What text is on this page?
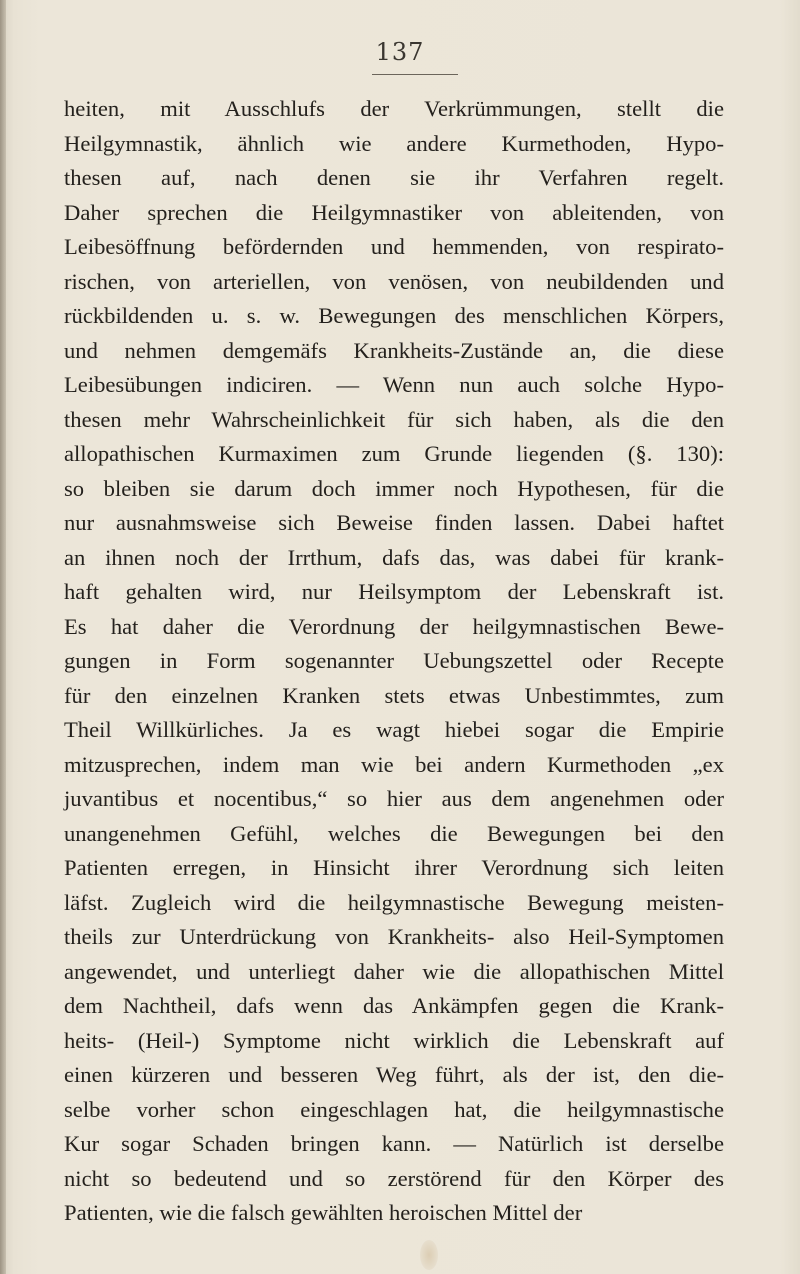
137
heiten, mit Ausschlufs der Verkrümmungen, stellt die
Heilgymnastik, ähnlich wie andere Kurmethoden, Hypo-
thesen auf, nach denen sie ihr Verfahren regelt.
Daher sprechen die Heilgymnastiker von ableitenden, von
Leibesöffnung befördernden und hemmenden, von respirato-
rischen, von arteriellen, von venösen, von neubildenden und
rückbildenden u. s. w. Bewegungen des menschlichen Körpers,
und nehmen demgemäfs Krankheits-Zustände an, die diese
Leibesübungen indiciren. — Wenn nun auch solche Hypo-
thesen mehr Wahrscheinlichkeit für sich haben, als die den
allopathischen Kurmaximen zum Grunde liegenden (§. 130):
so bleiben sie darum doch immer noch Hypothesen, für die
nur ausnahmsweise sich Beweise finden lassen. Dabei haftet
an ihnen noch der Irrthum, dafs das, was dabei für krank-
haft gehalten wird, nur Heilsymptom der Lebenskraft ist.
Es hat daher die Verordnung der heilgymnastischen Bewe-
gungen in Form sogenannter Uebungszettel oder Recepte
für den einzelnen Kranken stets etwas Unbestimmtes, zum
Theil Willkürliches. Ja es wagt hiebei sogar die Empirie
mitzusprechen, indem man wie bei andern Kurmethoden „ex
juvantibus et nocentibus,“ so hier aus dem angenehmen oder
unangenehmen Gefühl, welches die Bewegungen bei den
Patienten erregen, in Hinsicht ihrer Verordnung sich leiten
läfst. Zugleich wird die heilgymnastische Bewegung meisten-
theils zur Unterdrückung von Krankheits- also Heil-Symptomen
angewendet, und unterliegt daher wie die allopathischen Mittel
dem Nachtheil, dafs wenn das Ankämpfen gegen die Krank-
heits- (Heil-) Symptome nicht wirklich die Lebenskraft auf
einen kürzeren und besseren Weg führt, als der ist, den die-
selbe vorher schon eingeschlagen hat, die heilgymnastische
Kur sogar Schaden bringen kann. — Natürlich ist derselbe
nicht so bedeutend und so zerstörend für den Körper des
Patienten, wie die falsch gewählten heroischen Mittel der
